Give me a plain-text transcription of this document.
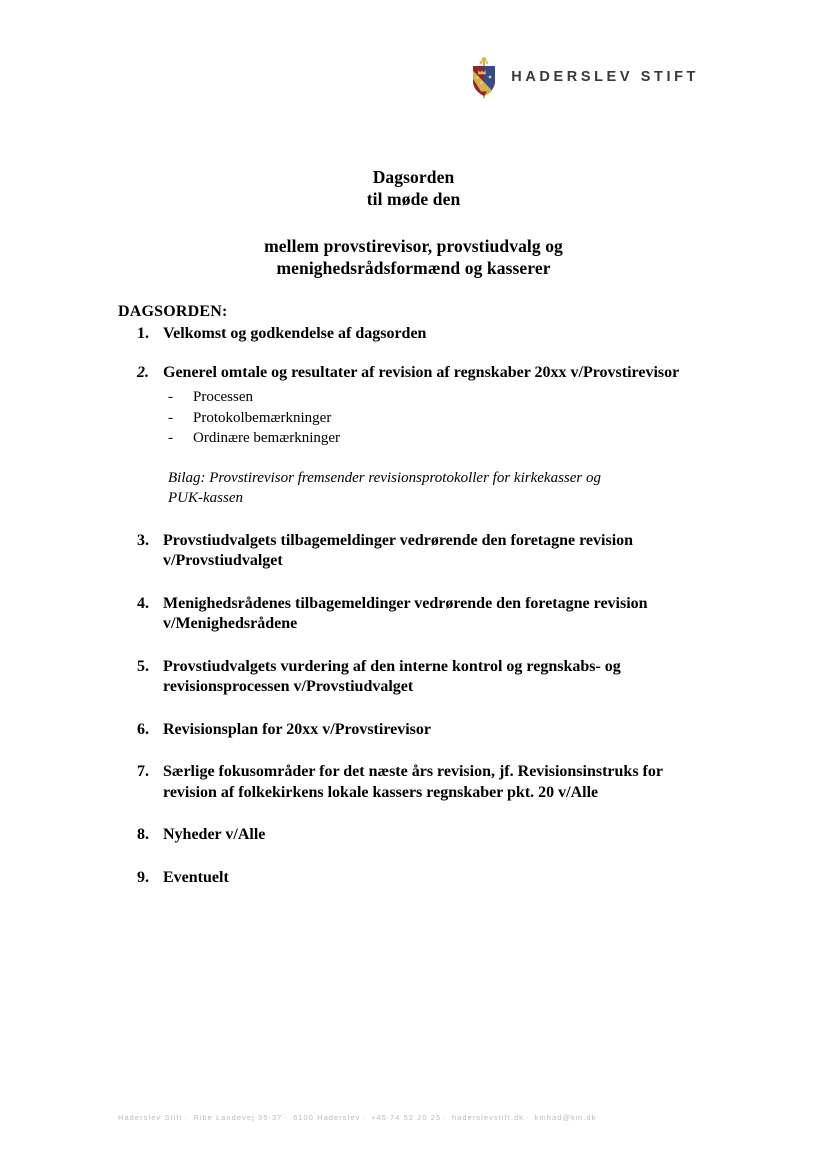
HADERSLEV STIFT
Dagsorden
til møde den
mellem provstirevisor, provstiudvalg og
menighedsrådsformænd og kasserer
DAGSORDEN:
1. Velkomst og godkendelse af dagsorden
2. Generel omtale og resultater af revision af regnskaber 20xx v/Provstirevisor
- Processen
- Protokolbemærkninger
- Ordinære bemærkninger
Bilag: Provstirevisor fremsender revisionsprotokoller for kirkekasser og PUK-kassen
3. Provstiudvalgets tilbagemeldinger vedrørende den foretagne revision v/Provstiudvalget
4. Menighedsrådenes tilbagemeldinger vedrørende den foretagne revision v/Menighedsrådene
5. Provstiudvalgets vurdering af den interne kontrol og regnskabs- og revisionsprocessen v/Provstiudvalget
6. Revisionsplan for 20xx v/Provstirevisor
7. Særlige fokusområder for det næste års revision, jf. Revisionsinstruks for revision af folkekirkens lokale kassers regnskaber pkt. 20 v/Alle
8. Nyheder v/Alle
9. Eventuelt
Haderslev Stift · Ribe Landevej 35-37 · 6100 Haderslev · +45 74 52 20 25 · haderslevstift.dk · kmhad@km.dk
